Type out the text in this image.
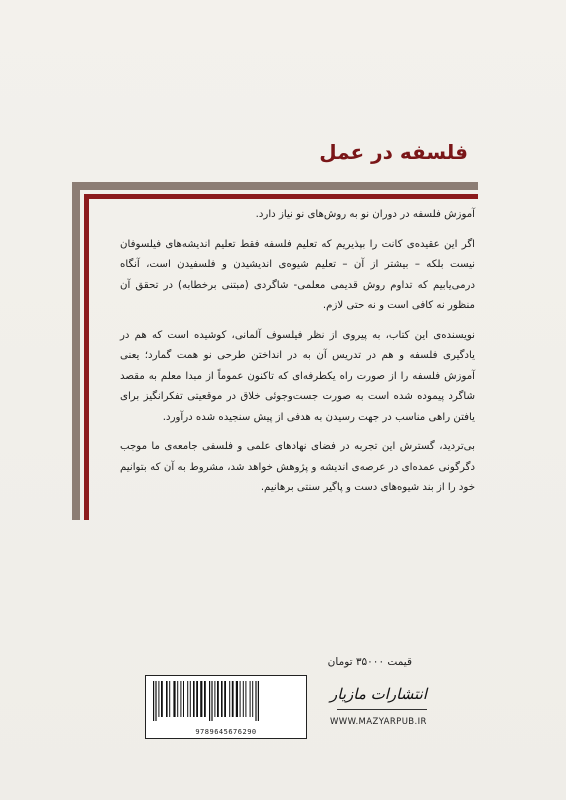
فلسفه در عمل

آموزش فلسفه در دوران نو به روش‌های نو نیاز دارد.

اگر این عقیده‌ی کانت را بپذیریم که تعلیم فلسفه فقط تعلیم اندیشه‌های فیلسوفان نیست بلکه – بیشتر از آن – تعلیم شیوه‌ی اندیشیدن و فلسفیدن است، آنگاه درمی‌یابیم که تداوم روش قدیمی معلمی- شاگردی (مبتنی برخطابه) در تحقق آن منظور نه کافی است و نه حتی لازم.

نویسنده‌ی این کتاب، به پیروی از نظر فیلسوف آلمانی، کوشیده است که هم در یادگیری فلسفه و هم در تدریس آن به در انداختن طرحی نو همت گمارد؛ یعنی آموزش فلسفه را از صورت راه یکطرفه‌ای که تاکنون عموماً از مبدا معلم به مقصد شاگرد پیموده شده است به صورت جست‌وجوئی خلاق در موقعیتی تفکرانگیز برای یافتن راهی مناسب در جهت رسیدن به هدفی از پیش سنجیده شده درآورد.

بی‌تردید، گسترش این تجربه در فضای نهادهای علمی و فلسفی جامعه‌ی ما موجب دگرگونی عمده‌ای در عرصه‌ی اندیشه و پژوهش خواهد شد، مشروط به آن که بتوانیم خود را از بند شیوه‌های دست و پاگیر سنتی برهانیم.

قیمت ۳۵۰۰۰ تومان
9789645676290
انتشارات مازیار
WWW.MAZYARPUB.IR
